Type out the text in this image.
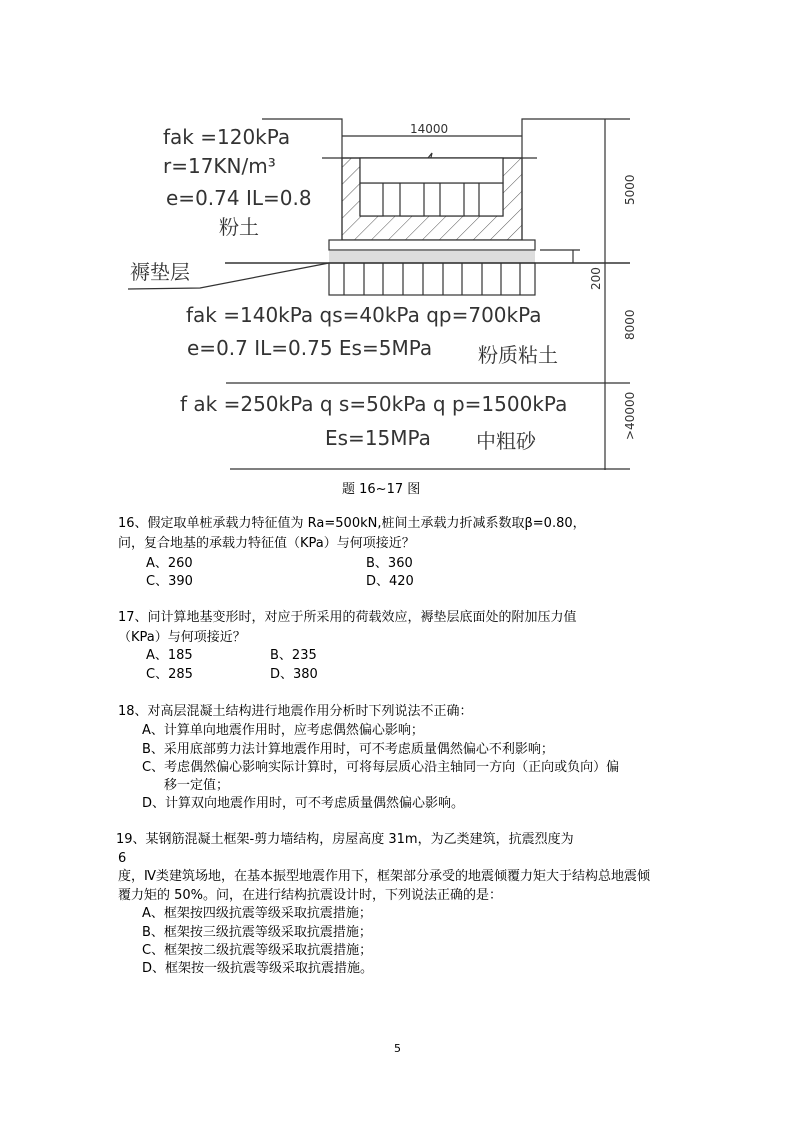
14000
5000
200
8000
>40000
fak =120kPa
r=17KN/m³
e=0.74 IL=0.8
粉土
褥垫层
fak =140kPa qs=40kPa qp=700kPa
e=0.7 IL=0.75 Es=5MPa 粉质粘土
f ak =250kPa q s=50kPa q p=1500kPa
Es=15MPa 中粗砂
题 16~17 图
16、假定取单桩承载力特征值为 Ra=500kN,桩间土承载力折减系数取β=0.80，
问，复合地基的承载力特征值（KPa）与何项接近？
A、260	B、360
C、390	D、420
17、问计算地基变形时，对应于所采用的荷载效应，褥垫层底面处的附加压力值
（KPa）与何项接近？
A、185	B、235
C、285	D、380
18、对高层混凝土结构进行地震作用分析时下列说法不正确：
A、计算单向地震作用时，应考虑偶然偏心影响；
B、采用底部剪力法计算地震作用时，可不考虑质量偶然偏心不利影响；
C、考虑偶然偏心影响实际计算时，可将每层质心沿主轴同一方向（正向或负向）偏
移一定值；
D、计算双向地震作用时，可不考虑质量偶然偏心影响。
19、某钢筋混凝土框架-剪力墙结构，房屋高度 31m，为乙类建筑，抗震烈度为
6
度，Ⅳ类建筑场地，在基本振型地震作用下，框架部分承受的地震倾覆力矩大于结构总地震倾
覆力矩的 50%。问，在进行结构抗震设计时，下列说法正确的是：
A、框架按四级抗震等级采取抗震措施；
B、框架按三级抗震等级采取抗震措施；
C、框架按二级抗震等级采取抗震措施；
D、框架按一级抗震等级采取抗震措施。
5
